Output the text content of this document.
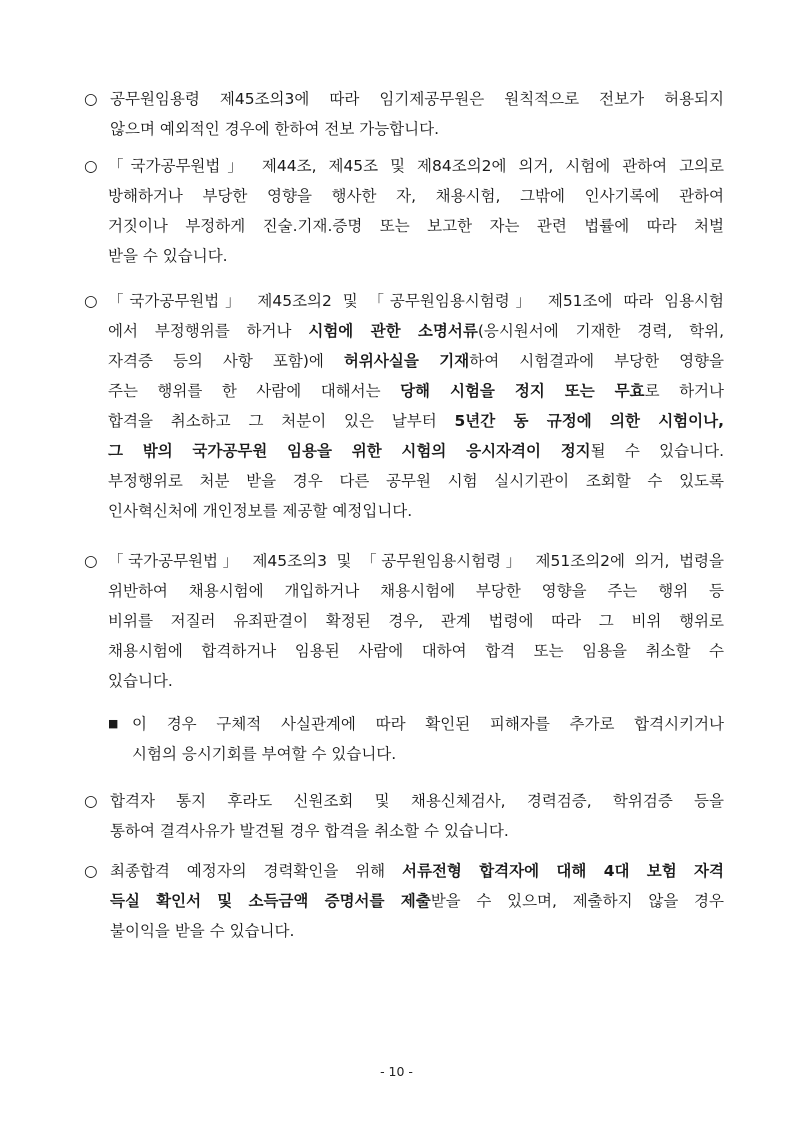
○ 공무원임용령 제45조의3에 따라 임기제공무원은 원칙적으로 전보가 허용되지
않으며 예외적인 경우에 한하여 전보 가능합니다.
○ 「국가공무원법」 제44조, 제45조 및 제84조의2에 의거, 시험에 관하여 고의로
방해하거나 부당한 영향을 행사한 자, 채용시험, 그밖에 인사기록에 관하여
거짓이나 부정하게 진술.기재.증명 또는 보고한 자는 관련 법률에 따라 처벌
받을 수 있습니다.
○ 「국가공무원법」 제45조의2 및 「공무원임용시험령」 제51조에 따라 임용시험
에서 부정행위를 하거나 시험에 관한 소명서류(응시원서에 기재한 경력, 학위,
자격증 등의 사항 포함)에 허위사실을 기재하여 시험결과에 부당한 영향을
주는 행위를 한 사람에 대해서는 당해 시험을 정지 또는 무효로 하거나
합격을 취소하고 그 처분이 있은 날부터 5년간 동 규정에 의한 시험이나,
그 밖의 국가공무원 임용을 위한 시험의 응시자격이 정지될 수 있습니다.
부정행위로 처분 받을 경우 다른 공무원 시험 실시기관이 조회할 수 있도록
인사혁신처에 개인정보를 제공할 예정입니다.
○ 「국가공무원법」 제45조의3 및 「공무원임용시험령」 제51조의2에 의거, 법령을
위반하여 채용시험에 개입하거나 채용시험에 부당한 영향을 주는 행위 등
비위를 저질러 유죄판결이 확정된 경우, 관계 법령에 따라 그 비위 행위로
채용시험에 합격하거나 임용된 사람에 대하여 합격 또는 임용을 취소할 수
있습니다.
■ 이 경우 구체적 사실관계에 따라 확인된 피해자를 추가로 합격시키거나
시험의 응시기회를 부여할 수 있습니다.
○ 합격자 통지 후라도 신원조회 및 채용신체검사, 경력검증, 학위검증 등을
통하여 결격사유가 발견될 경우 합격을 취소할 수 있습니다.
○ 최종합격 예정자의 경력확인을 위해 서류전형 합격자에 대해 4대 보험 자격
득실 확인서 및 소득금액 증명서를 제출받을 수 있으며, 제출하지 않을 경우
불이익을 받을 수 있습니다.
- 10 -
